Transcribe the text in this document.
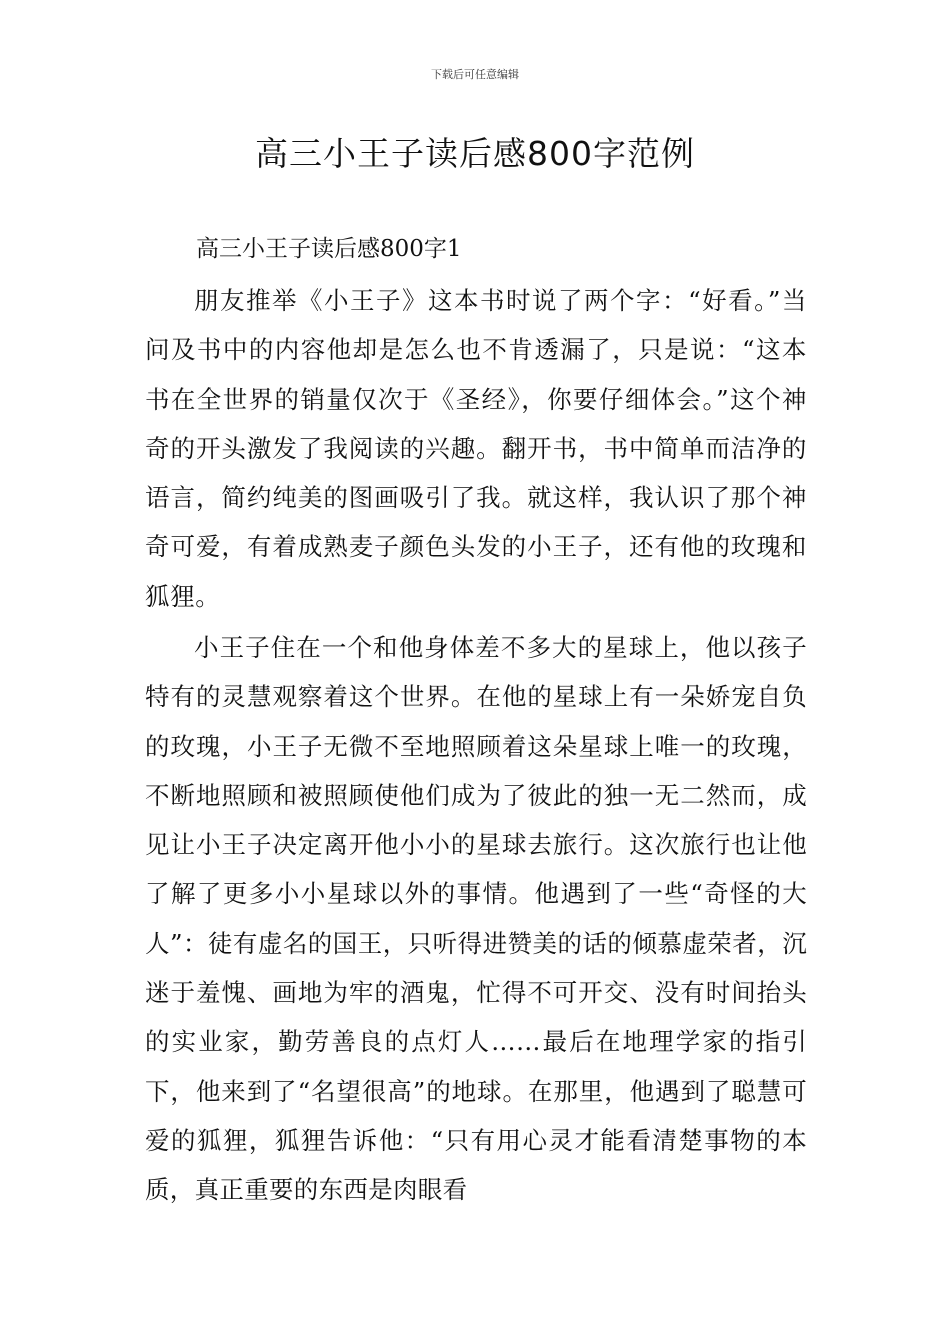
下载后可任意编辑
高三小王子读后感800字范例
高三小王子读后感800字1

朋友推举《小王子》这本书时说了两个字：“好看。”当问及书中的内容他却是怎么也不肯透漏了，只是说：“这本书在全世界的销量仅次于《圣经》，你要仔细体会。”这个神奇的开头激发了我阅读的兴趣。翻开书，书中简单而洁净的语言，简约纯美的图画吸引了我。就这样，我认识了那个神奇可爱，有着成熟麦子颜色头发的小王子，还有他的玫瑰和狐狸。

小王子住在一个和他身体差不多大的星球上，他以孩子特有的灵慧观察着这个世界。在他的星球上有一朵娇宠自负的玫瑰，小王子无微不至地照顾着这朵星球上唯一的玫瑰，不断地照顾和被照顾使他们成为了彼此的独一无二然而，成见让小王子决定离开他小小的星球去旅行。这次旅行也让他了解了更多小小星球以外的事情。他遇到了一些“奇怪的大人”：徒有虚名的国王，只听得进赞美的话的倾慕虚荣者，沉迷于羞愧、画地为牢的酒鬼，忙得不可开交、没有时间抬头的实业家，勤劳善良的点灯人……最后在地理学家的指引下，他来到了“名望很高”的地球。在那里，他遇到了聪慧可爱的狐狸，狐狸告诉他：“只有用心灵才能看清楚事物的本质，真正重要的东西是肉眼看
